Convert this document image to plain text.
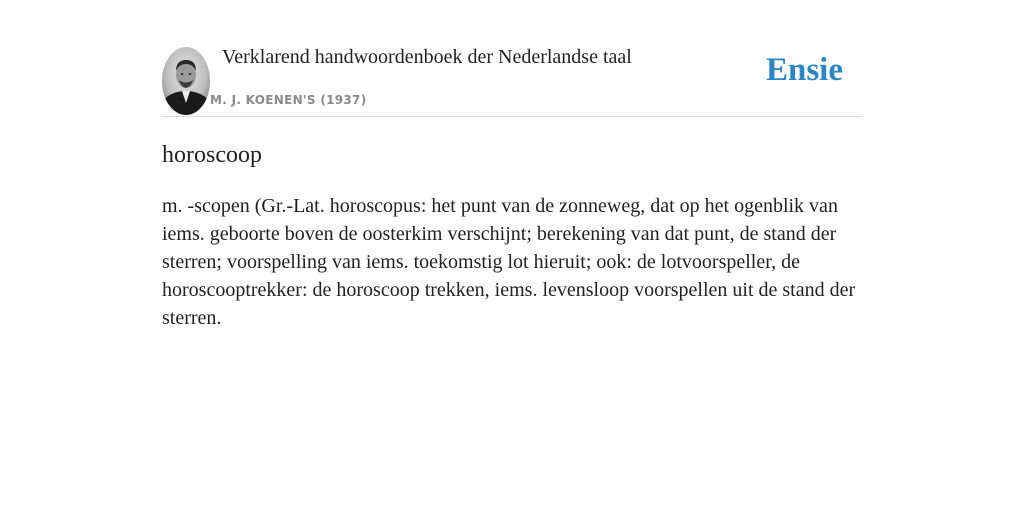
Verklarend handwoordenboek der Nederlandse taal
M. J. KOENEN'S (1937)
Ensie
horoscoop

m. -scopen (Gr.-Lat. horoscopus: het punt van de zonneweg, dat op het ogenblik van iems. geboorte boven de oosterkim verschijnt; berekening van dat punt, de stand der sterren; voorspelling van iems. toekomstig lot hieruit; ook: de lotvoorspeller, de horoscooptrekker: de horoscoop trekken, iems. levensloop voorspellen uit de stand der sterren.
